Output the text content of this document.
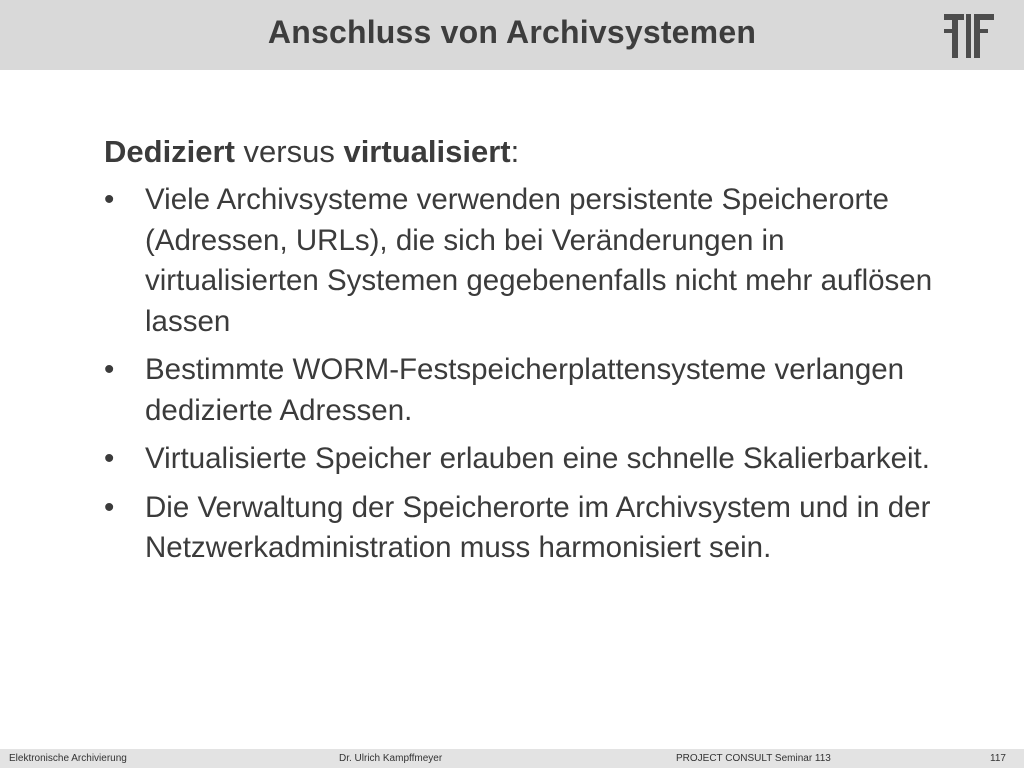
Anschluss von Archivsystemen
Dediziert versus virtualisiert:
• Viele Archivsysteme verwenden persistente Speicherorte (Adressen, URLs), die sich bei Veränderungen in virtualisierten Systemen gegebenenfalls nicht mehr auflösen lassen
• Bestimmte WORM-Festspeicherplattensysteme verlangen dedizierte Adressen.
• Virtualisierte Speicher erlauben eine schnelle Skalierbarkeit.
• Die Verwaltung der Speicherorte im Archivsystem und in der Netzwerkadministration muss harmonisiert sein.
Elektronische Archivierung	Dr. Ulrich Kampffmeyer	PROJECT CONSULT Seminar 113	117
